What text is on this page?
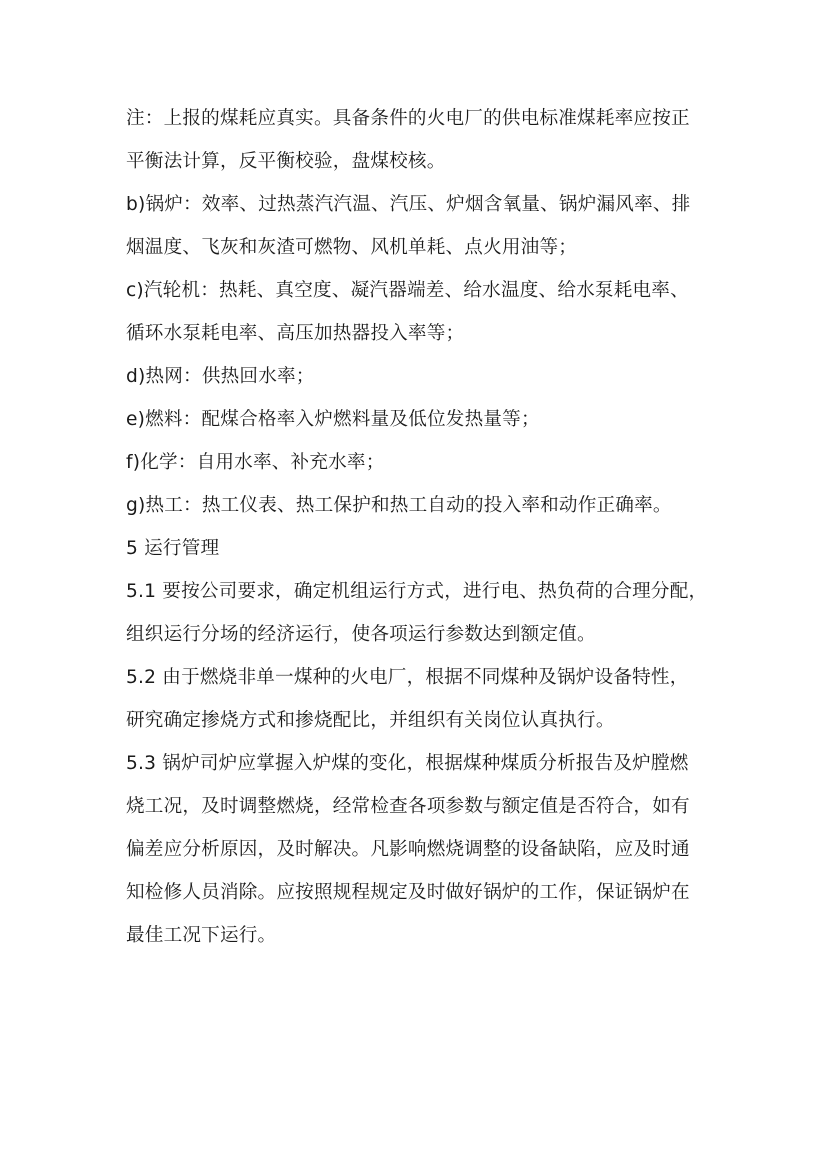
注：上报的煤耗应真实。具备条件的火电厂的供电标准煤耗率应按正
平衡法计算，反平衡校验，盘煤校核。
b)锅炉：效率、过热蒸汽汽温、汽压、炉烟含氧量、锅炉漏风率、排
烟温度、飞灰和灰渣可燃物、风机单耗、点火用油等；
c)汽轮机：热耗、真空度、凝汽器端差、给水温度、给水泵耗电率、
循环水泵耗电率、高压加热器投入率等；
d)热网：供热回水率；
e)燃料：配煤合格率入炉燃料量及低位发热量等；
f)化学：自用水率、补充水率；
g)热工：热工仪表、热工保护和热工自动的投入率和动作正确率。
5 运行管理
5.1 要按公司要求，确定机组运行方式，进行电、热负荷的合理分配，
组织运行分场的经济运行，使各项运行参数达到额定值。
5.2 由于燃烧非单一煤种的火电厂，根据不同煤种及锅炉设备特性，
研究确定掺烧方式和掺烧配比，并组织有关岗位认真执行。
5.3 锅炉司炉应掌握入炉煤的变化，根据煤种煤质分析报告及炉膛燃
烧工况，及时调整燃烧，经常检查各项参数与额定值是否符合，如有
偏差应分析原因，及时解决。凡影响燃烧调整的设备缺陷，应及时通
知检修人员消除。应按照规程规定及时做好锅炉的工作，保证锅炉在
最佳工况下运行。
